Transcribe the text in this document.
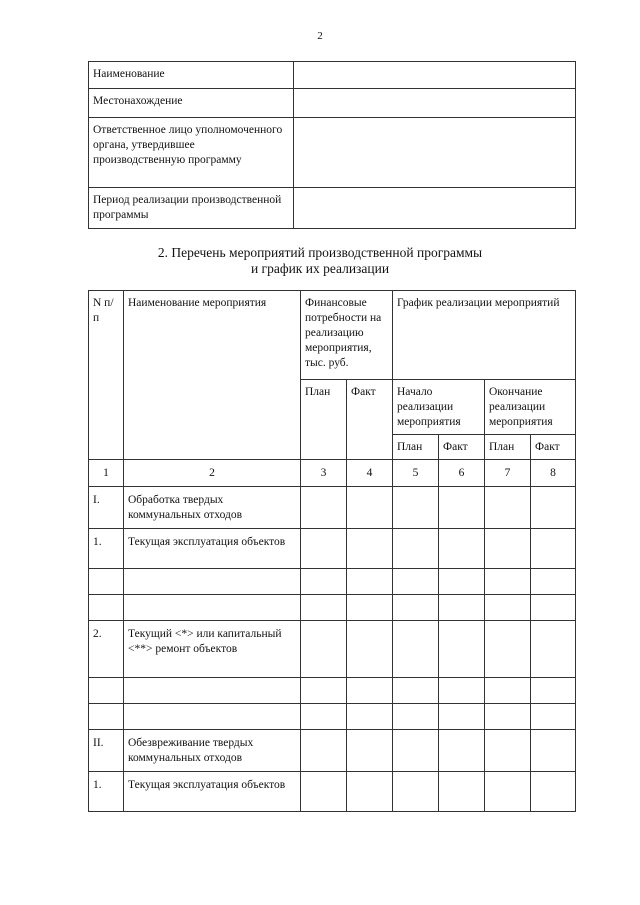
2
Наименование	
Местонахождение	
Ответственное лицо уполномоченного органа, утвердившее производственную программу	
Период реализации производственной программы	
2. Перечень мероприятий производственной программы
и график их реализации
N п/п	Наименование мероприятия	Финансовые потребности на реализацию мероприятия, тыс. руб.		График реализации мероприятий			
		План	Факт	Начало реализации мероприятия		Окончание реализации мероприятия	
				План	Факт	План	Факт
1	2	3	4	5	6	7	8
I.	Обработка твердых коммунальных отходов						
1.	Текущая эксплуатация объектов						

2.	Текущий <*> или капитальный <**> ремонт объектов						

II.	Обезвреживание твердых коммунальных отходов						
1.	Текущая эксплуатация объектов						
